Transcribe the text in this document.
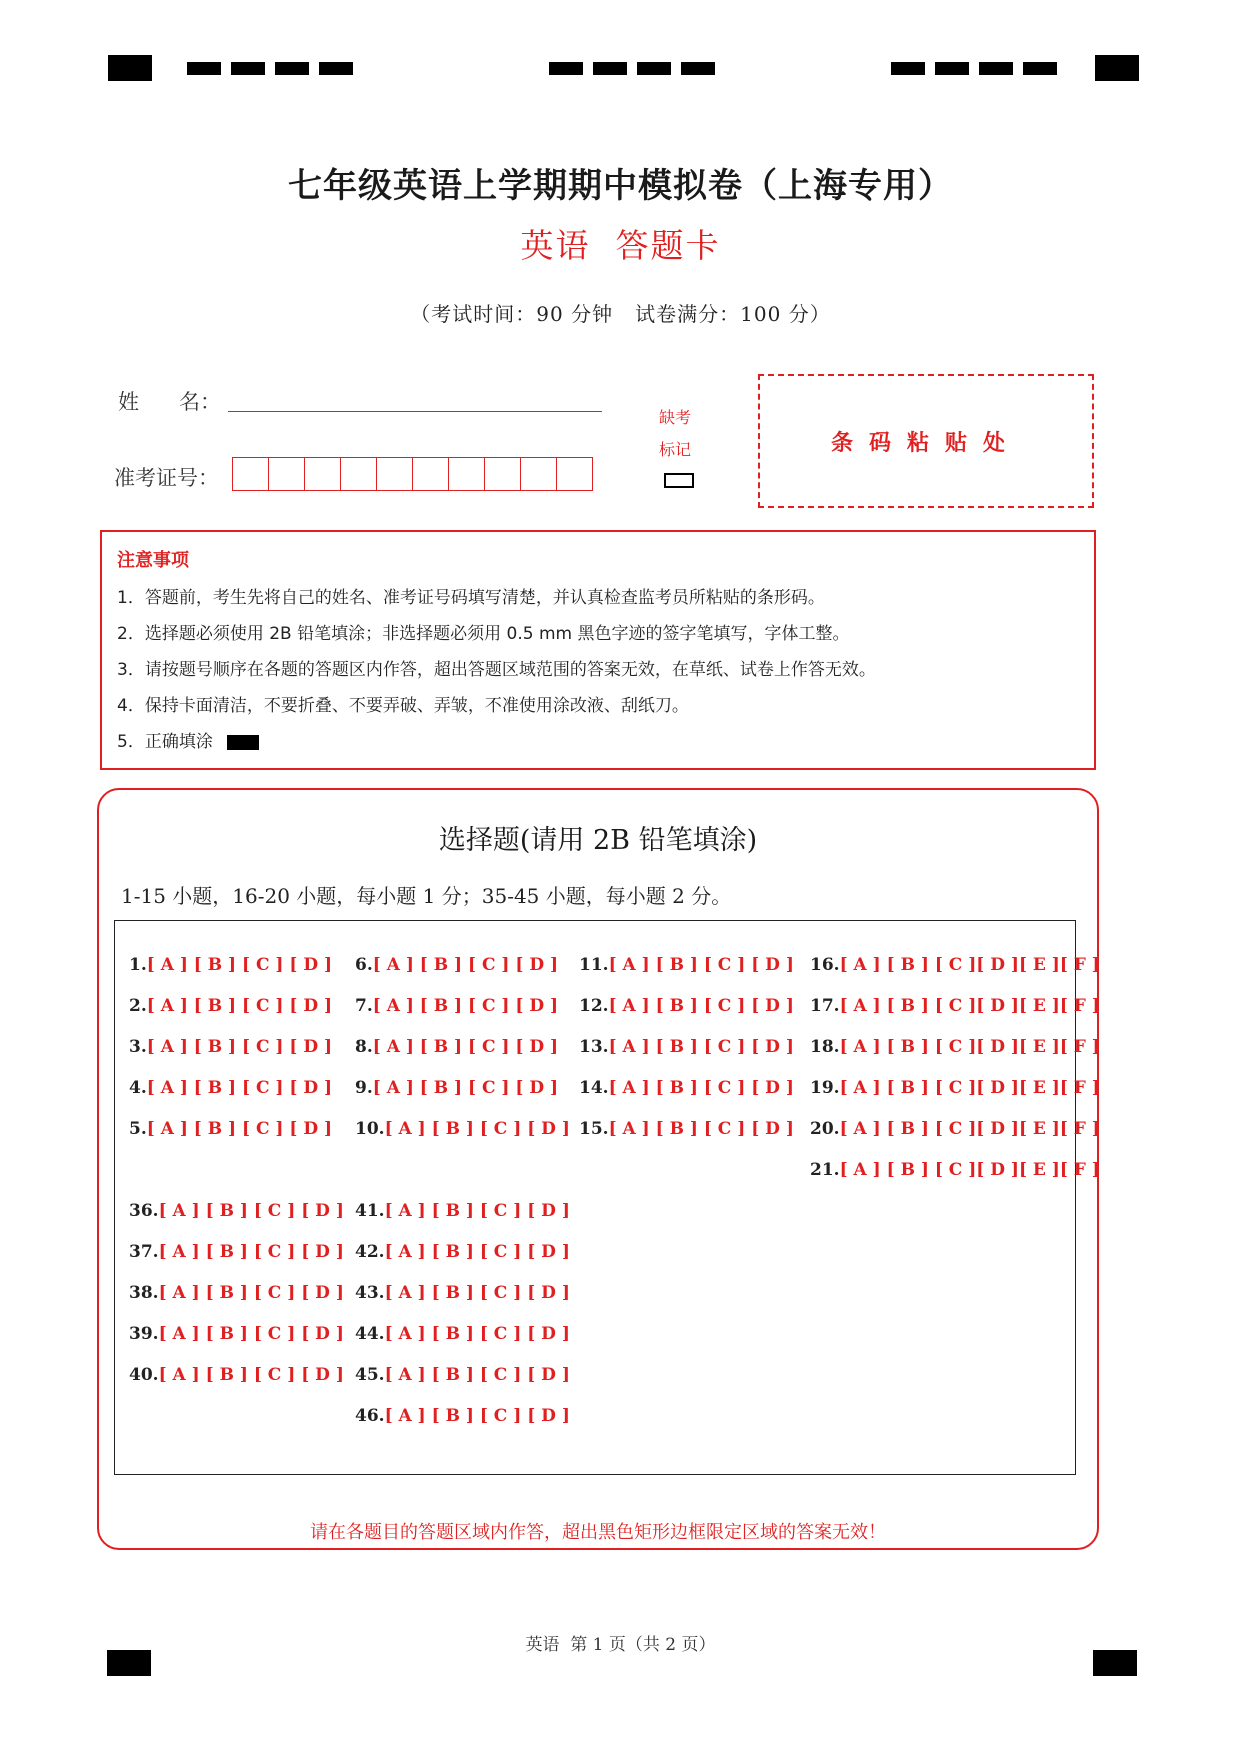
七年级英语上学期期中模拟卷（上海专用）
英语  答题卡
（考试时间：90 分钟   试卷满分：100 分）
姓      名：
准考证号：
缺考
标记	条码粘贴处
注意事项
1．答题前，考生先将自己的姓名、准考证号码填写清楚，并认真检查监考员所粘贴的条形码。
2．选择题必须使用 2B 铅笔填涂；非选择题必须用 0.5 mm 黑色字迹的签字笔填写，字体工整。
3．请按题号顺序在各题的答题区内作答，超出答题区域范围的答案无效，在草纸、试卷上作答无效。
4．保持卡面清洁，不要折叠、不要弄破、弄皱，不准使用涂改液、刮纸刀。
5．正确填涂
选择题(请用 2B 铅笔填涂)
1-15 小题，16-20 小题，每小题 1 分；35-45 小题，每小题 2 分。
1.[ A ] [ B ] [ C ] [ D ]
2.[ A ] [ B ] [ C ] [ D ]
3.[ A ] [ B ] [ C ] [ D ]
4.[ A ] [ B ] [ C ] [ D ]
5.[ A ] [ B ] [ C ] [ D ]
6.[ A ] [ B ] [ C ] [ D ]
7.[ A ] [ B ] [ C ] [ D ]
8.[ A ] [ B ] [ C ] [ D ]
9.[ A ] [ B ] [ C ] [ D ]
10.[ A ] [ B ] [ C ] [ D ]
11.[ A ] [ B ] [ C ] [ D ]
12.[ A ] [ B ] [ C ] [ D ]
13.[ A ] [ B ] [ C ] [ D ]
14.[ A ] [ B ] [ C ] [ D ]
15.[ A ] [ B ] [ C ] [ D ]
16.[ A ] [ B ] [ C ][ D ][ E ][ F ]
17.[ A ] [ B ] [ C ][ D ][ E ][ F ]
18.[ A ] [ B ] [ C ][ D ][ E ][ F ]
19.[ A ] [ B ] [ C ][ D ][ E ][ F ]
20.[ A ] [ B ] [ C ][ D ][ E ][ F ]
21.[ A ] [ B ] [ C ][ D ][ E ][ F ]
36.[ A ] [ B ] [ C ] [ D ]
37.[ A ] [ B ] [ C ] [ D ]
38.[ A ] [ B ] [ C ] [ D ]
39.[ A ] [ B ] [ C ] [ D ]
40.[ A ] [ B ] [ C ] [ D ]
41.[ A ] [ B ] [ C ] [ D ]
42.[ A ] [ B ] [ C ] [ D ]
43.[ A ] [ B ] [ C ] [ D ]
44.[ A ] [ B ] [ C ] [ D ]
45.[ A ] [ B ] [ C ] [ D ]
46.[ A ] [ B ] [ C ] [ D ]
请在各题目的答题区域内作答，超出黑色矩形边框限定区域的答案无效！
英语  第 1 页（共 2 页）
